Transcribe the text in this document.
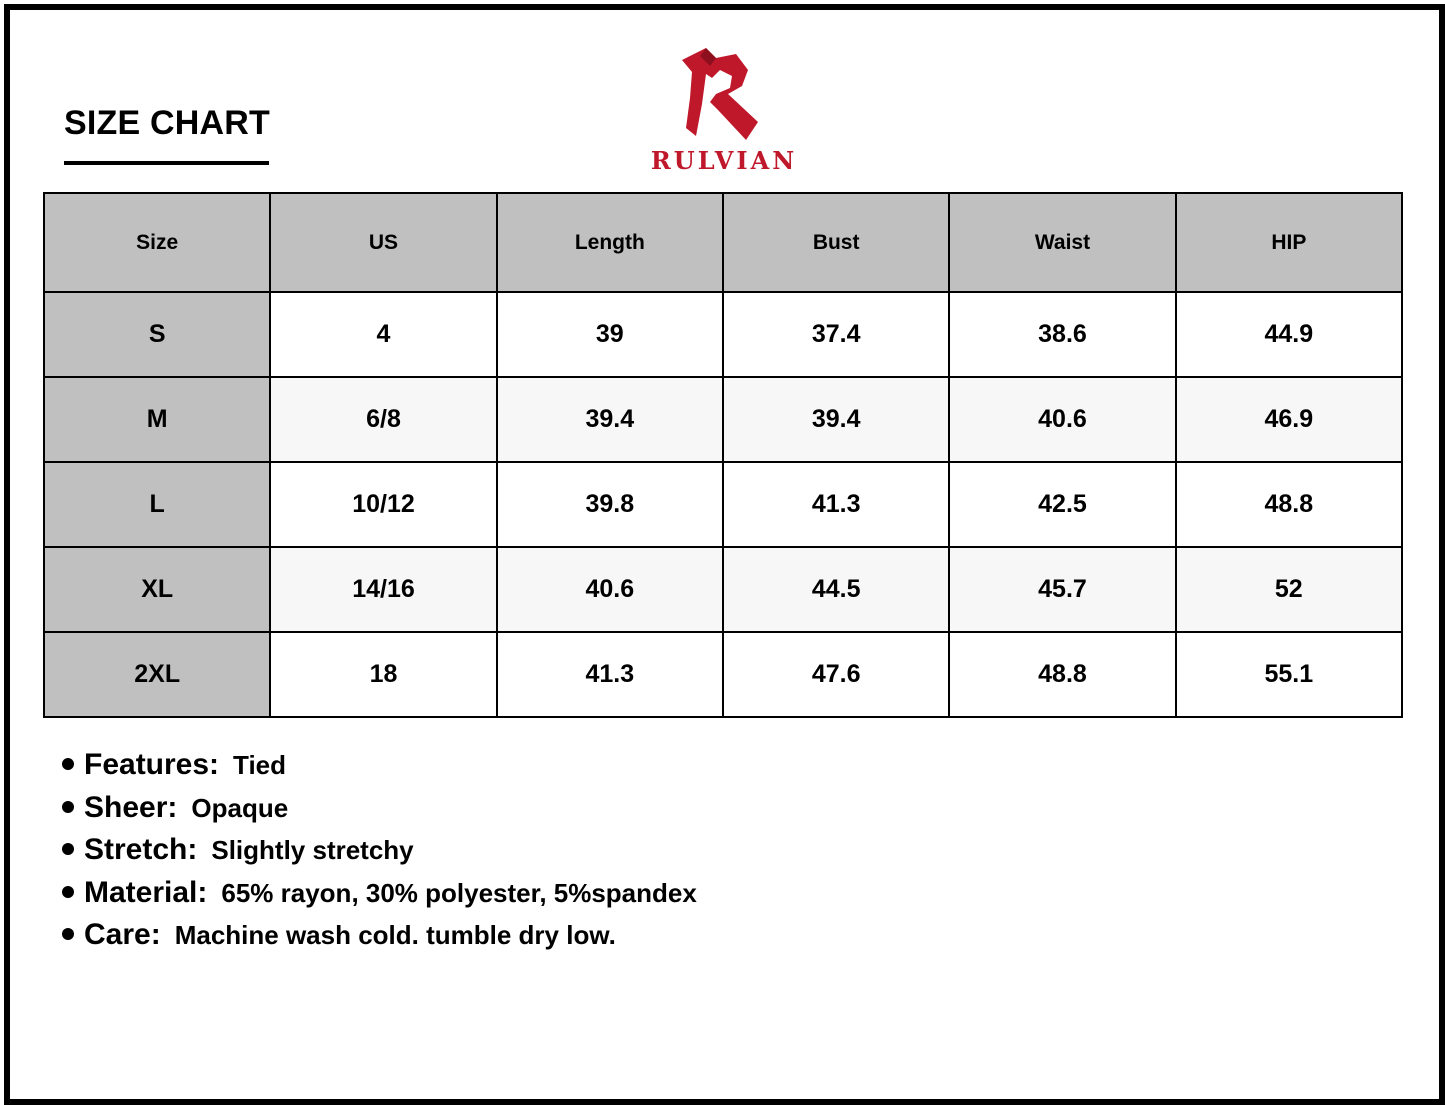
SIZE CHART
RULVIAN
Size	US	Length	Bust	Waist	HIP
S	4	39	37.4	38.6	44.9
M	6/8	39.4	39.4	40.6	46.9
L	10/12	39.8	41.3	42.5	48.8
XL	14/16	40.6	44.5	45.7	52
2XL	18	41.3	47.6	48.8	55.1
Features: Tied
Sheer: Opaque
Stretch: Slightly stretchy
Material: 65% rayon, 30% polyester, 5%spandex
Care: Machine wash cold. tumble dry low.
